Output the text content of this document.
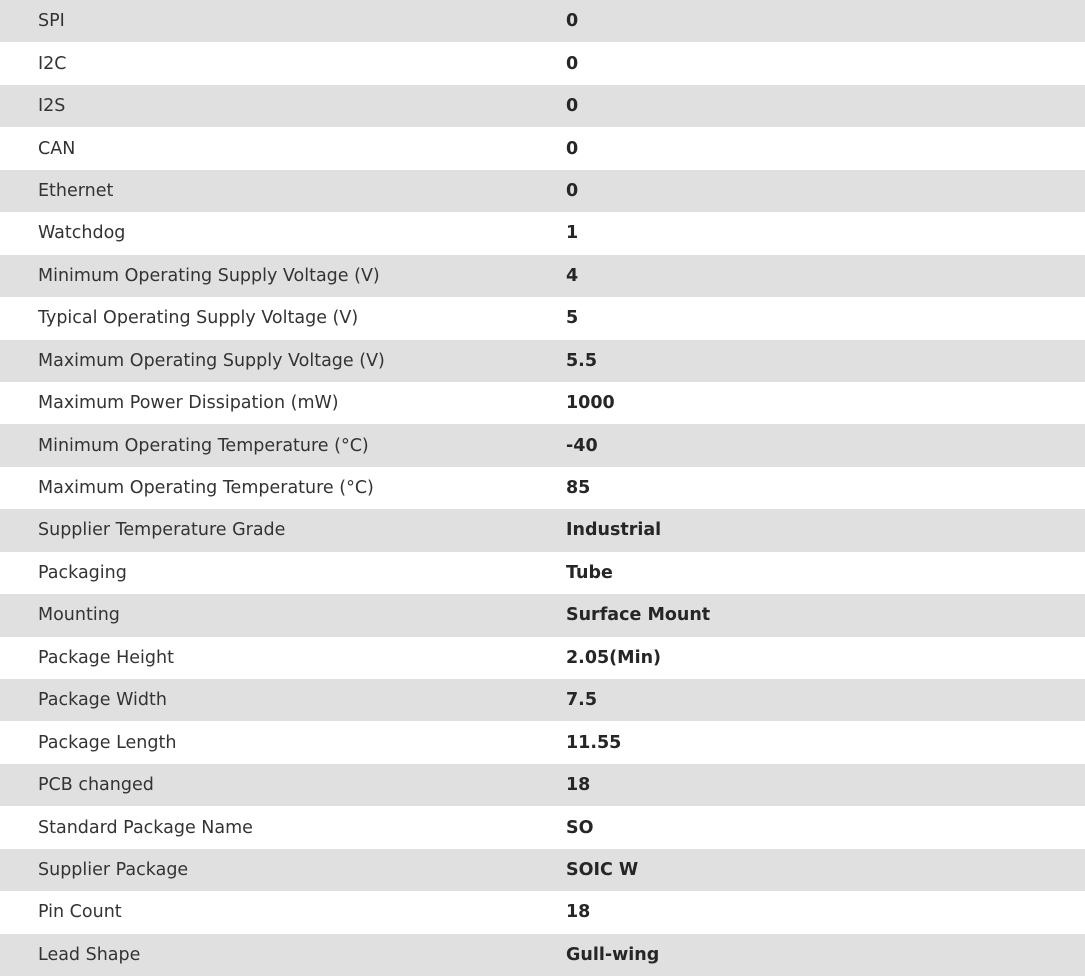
SPI	0
I2C	0
I2S	0
CAN	0
Ethernet	0
Watchdog	1
Minimum Operating Supply Voltage (V)	4
Typical Operating Supply Voltage (V)	5
Maximum Operating Supply Voltage (V)	5.5
Maximum Power Dissipation (mW)	1000
Minimum Operating Temperature (°C)	-40
Maximum Operating Temperature (°C)	85
Supplier Temperature Grade	Industrial
Packaging	Tube
Mounting	Surface Mount
Package Height	2.05(Min)
Package Width	7.5
Package Length	11.55
PCB changed	18
Standard Package Name	SO
Supplier Package	SOIC W
Pin Count	18
Lead Shape	Gull-wing
